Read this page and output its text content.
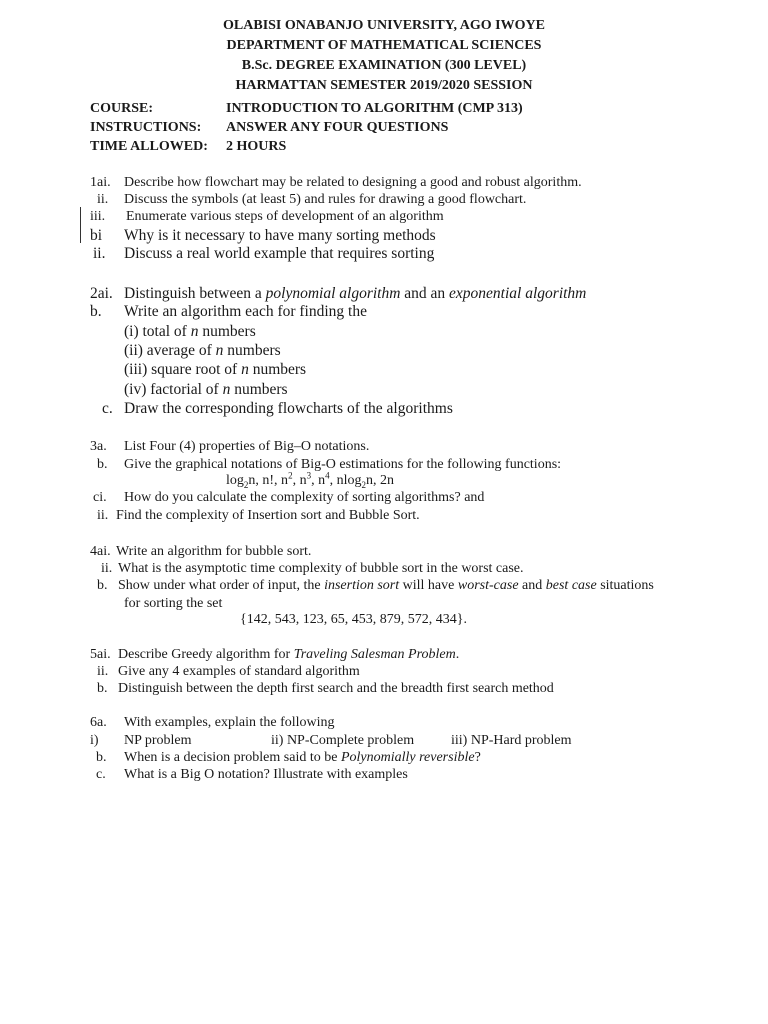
OLABISI ONABANJO UNIVERSITY, AGO IWOYE
DEPARTMENT OF MATHEMATICAL SCIENCES
B.Sc. DEGREE EXAMINATION (300 LEVEL)
HARMATTAN SEMESTER 2019/2020 SESSION
COURSE:	INTRODUCTION TO ALGORITHM (CMP 313)
INSTRUCTIONS: ANSWER ANY FOUR QUESTIONS
TIME ALLOWED: 2 HOURS
1ai. Describe how flowchart may be related to designing a good and robust algorithm.
ii. Discuss the symbols (at least 5) and rules for drawing a good flowchart.
iii. Enumerate various steps of development of an algorithm
bi Why is it necessary to have many sorting methods
ii. Discuss a real world example that requires sorting
2ai. Distinguish between a polynomial algorithm and an exponential algorithm
b. Write an algorithm each for finding the
(i) total of n numbers
(ii) average of n numbers
(iii) square root of n numbers
(iv) factorial of n numbers
c. Draw the corresponding flowcharts of the algorithms
3a. List Four (4) properties of Big–O notations.
b. Give the graphical notations of Big-O estimations for the following functions:
$\log_2n$, n!, $n^2$, $n^3$, $n^4$, nlog$_2$n, 2n
ci. How do you calculate the complexity of sorting algorithms? and
ii. Find the complexity of Insertion sort and Bubble Sort.
4ai. Write an algorithm for bubble sort.
ii. What is the asymptotic time complexity of bubble sort in the worst case.
b. Show under what order of input, the insertion sort will have worst-case and best case situations
for sorting the set
{142, 543, 123, 65, 453, 879, 572, 434}.
5ai. Describe Greedy algorithm for Traveling Salesman Problem.
ii. Give any 4 examples of standard algorithm
b. Distinguish between the depth first search and the breadth first search method
6a. With examples, explain the following
i) NP problem	ii) NP-Complete problem	iii) NP-Hard problem
b. When is a decision problem said to be Polynomially reversible?
c. What is a Big O notation? Illustrate with examples
